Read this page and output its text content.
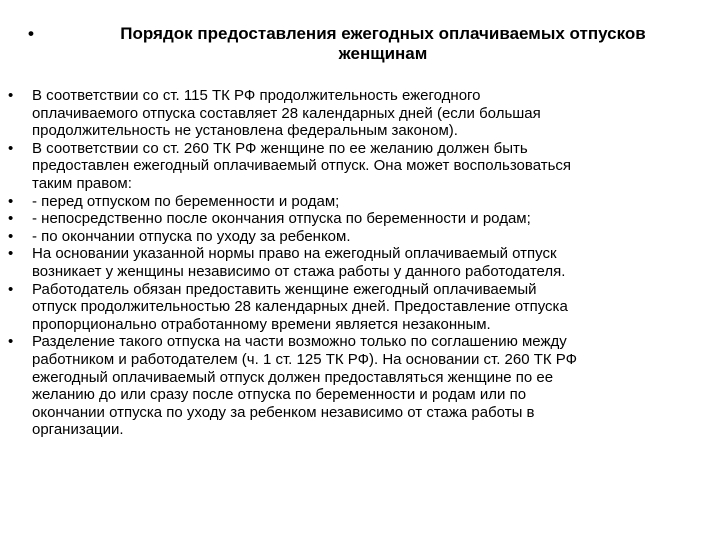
•	Порядок предоставления ежегодных оплачиваемых отпусков
женщинам
•	В соответствии со ст. 115 ТК РФ продолжительность ежегодного
оплачиваемого отпуска составляет 28 календарных дней (если большая
продолжительность не установлена федеральным законом).
•	В соответствии со ст. 260 ТК РФ женщине по ее желанию должен быть
предоставлен ежегодный оплачиваемый отпуск. Она может воспользоваться
таким правом:
•	- перед отпуском по беременности и родам;
•	- непосредственно после окончания отпуска по беременности и родам;
•	- по окончании отпуска по уходу за ребенком.
•	На основании указанной нормы право на ежегодный оплачиваемый отпуск
возникает у женщины независимо от стажа работы у данного работодателя.
•	Работодатель обязан предоставить женщине ежегодный оплачиваемый
отпуск продолжительностью 28 календарных дней. Предоставление отпуска
пропорционально отработанному времени является незаконным.
•	Разделение такого отпуска на части возможно только по соглашению между
работником и работодателем (ч. 1 ст. 125 ТК РФ). На основании ст. 260 ТК РФ
ежегодный оплачиваемый отпуск должен предоставляться женщине по ее
желанию до или сразу после отпуска по беременности и родам или по
окончании отпуска по уходу за ребенком независимо от стажа работы в
организации.
